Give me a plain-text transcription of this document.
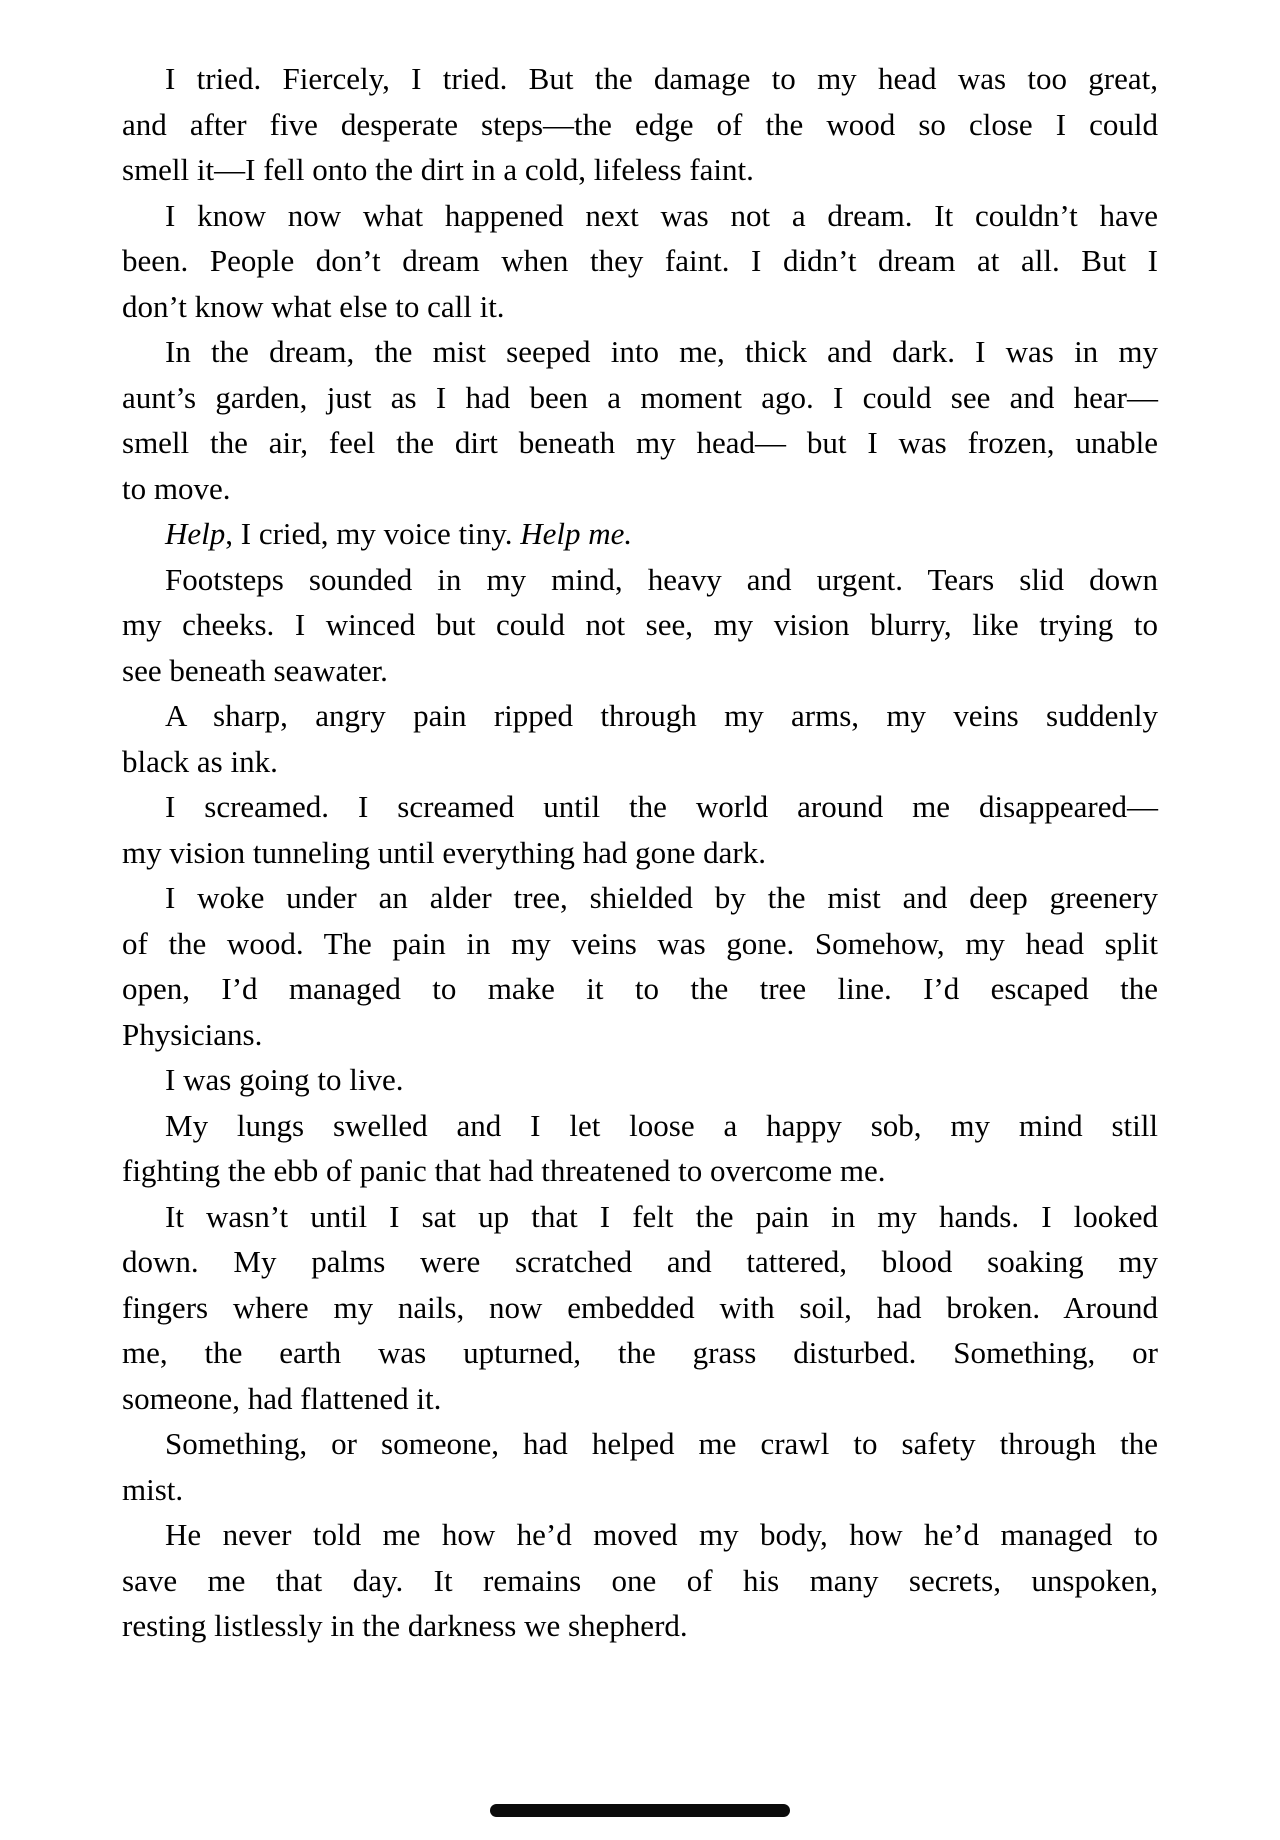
I tried. Fiercely, I tried. But the damage to my head was too great,
and after five desperate steps—the edge of the wood so close I could
smell it—I fell onto the dirt in a cold, lifeless faint.
I know now what happened next was not a dream. It couldn’t have
been. People don’t dream when they faint. I didn’t dream at all. But I
don’t know what else to call it.
In the dream, the mist seeped into me, thick and dark. I was in my
aunt’s garden, just as I had been a moment ago. I could see and hear—
smell the air, feel the dirt beneath my head— but I was frozen, unable
to move.
Help, I cried, my voice tiny. Help me.
Footsteps sounded in my mind, heavy and urgent. Tears slid down
my cheeks. I winced but could not see, my vision blurry, like trying to
see beneath seawater.
A sharp, angry pain ripped through my arms, my veins suddenly
black as ink.
I screamed. I screamed until the world around me disappeared—
my vision tunneling until everything had gone dark.
I woke under an alder tree, shielded by the mist and deep greenery
of the wood. The pain in my veins was gone. Somehow, my head split
open, I’d managed to make it to the tree line. I’d escaped the
Physicians.
I was going to live.
My lungs swelled and I let loose a happy sob, my mind still
fighting the ebb of panic that had threatened to overcome me.
It wasn’t until I sat up that I felt the pain in my hands. I looked
down. My palms were scratched and tattered, blood soaking my
fingers where my nails, now embedded with soil, had broken. Around
me, the earth was upturned, the grass disturbed. Something, or
someone, had flattened it.
Something, or someone, had helped me crawl to safety through the
mist.
He never told me how he’d moved my body, how he’d managed to
save me that day. It remains one of his many secrets, unspoken,
resting listlessly in the darkness we shepherd.
